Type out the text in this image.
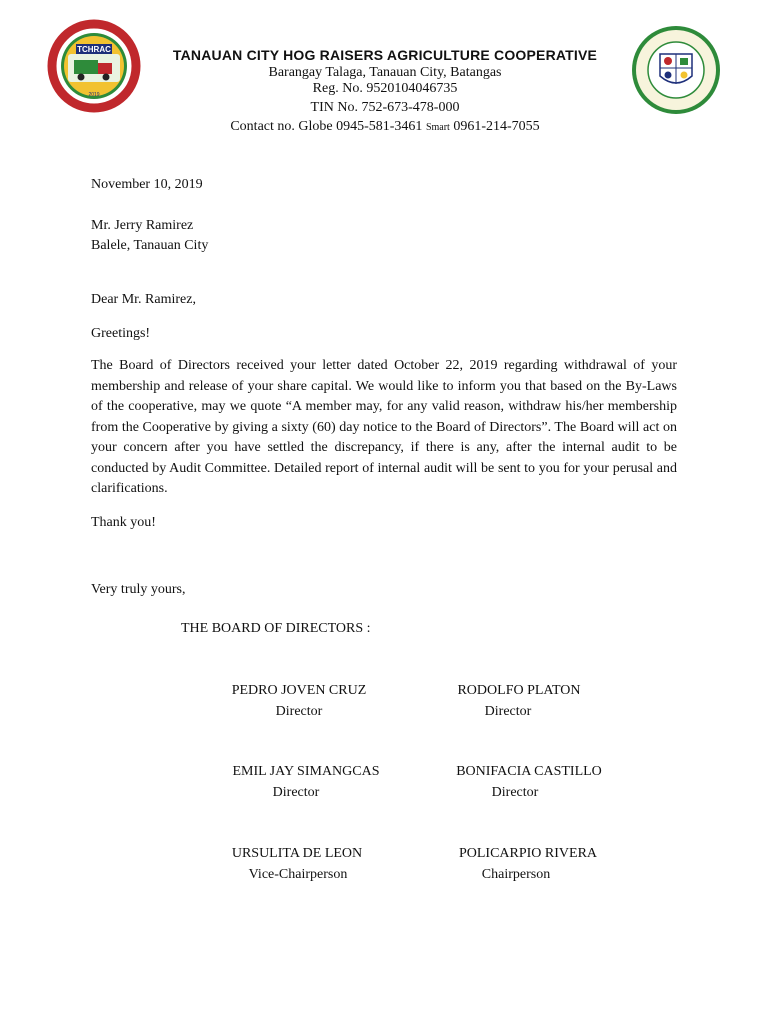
TCHRAC
2019
TANAUAN CITY HOG RAISERS AGRICULTURE COOPERATIVE
Barangay Talaga, Tanauan City, Batangas
Reg. No. 9520104046735
TIN No. 752-673-478-000
Contact no. Globe 0945-581-3461 Smart 0961-214-7055
November 10, 2019
Mr. Jerry Ramirez
Balele, Tanauan City
Dear Mr. Ramirez,
Greetings!
The Board of Directors received your letter dated October 22, 2019 regarding withdrawal of your membership and release of your share capital. We would like to inform you that based on the By-Laws of the cooperative, may we quote “A member may, for any valid reason, withdraw his/her membership from the Cooperative by giving a sixty (60) day notice to the Board of Directors”. The Board will act on your concern after you have settled the discrepancy, if there is any, after the internal audit to be conducted by Audit Committee. Detailed report of internal audit will be sent to you for your perusal and clarifications.
Thank you!
Very truly yours,
THE BOARD OF DIRECTORS :
PEDRO JOVEN CRUZ
Director
RODOLFO PLATON
Director
EMIL JAY SIMANGCAS
Director
BONIFACIA CASTILLO
Director
URSULITA DE LEON
Vice-Chairperson
POLICARPIO RIVERA
Chairperson
